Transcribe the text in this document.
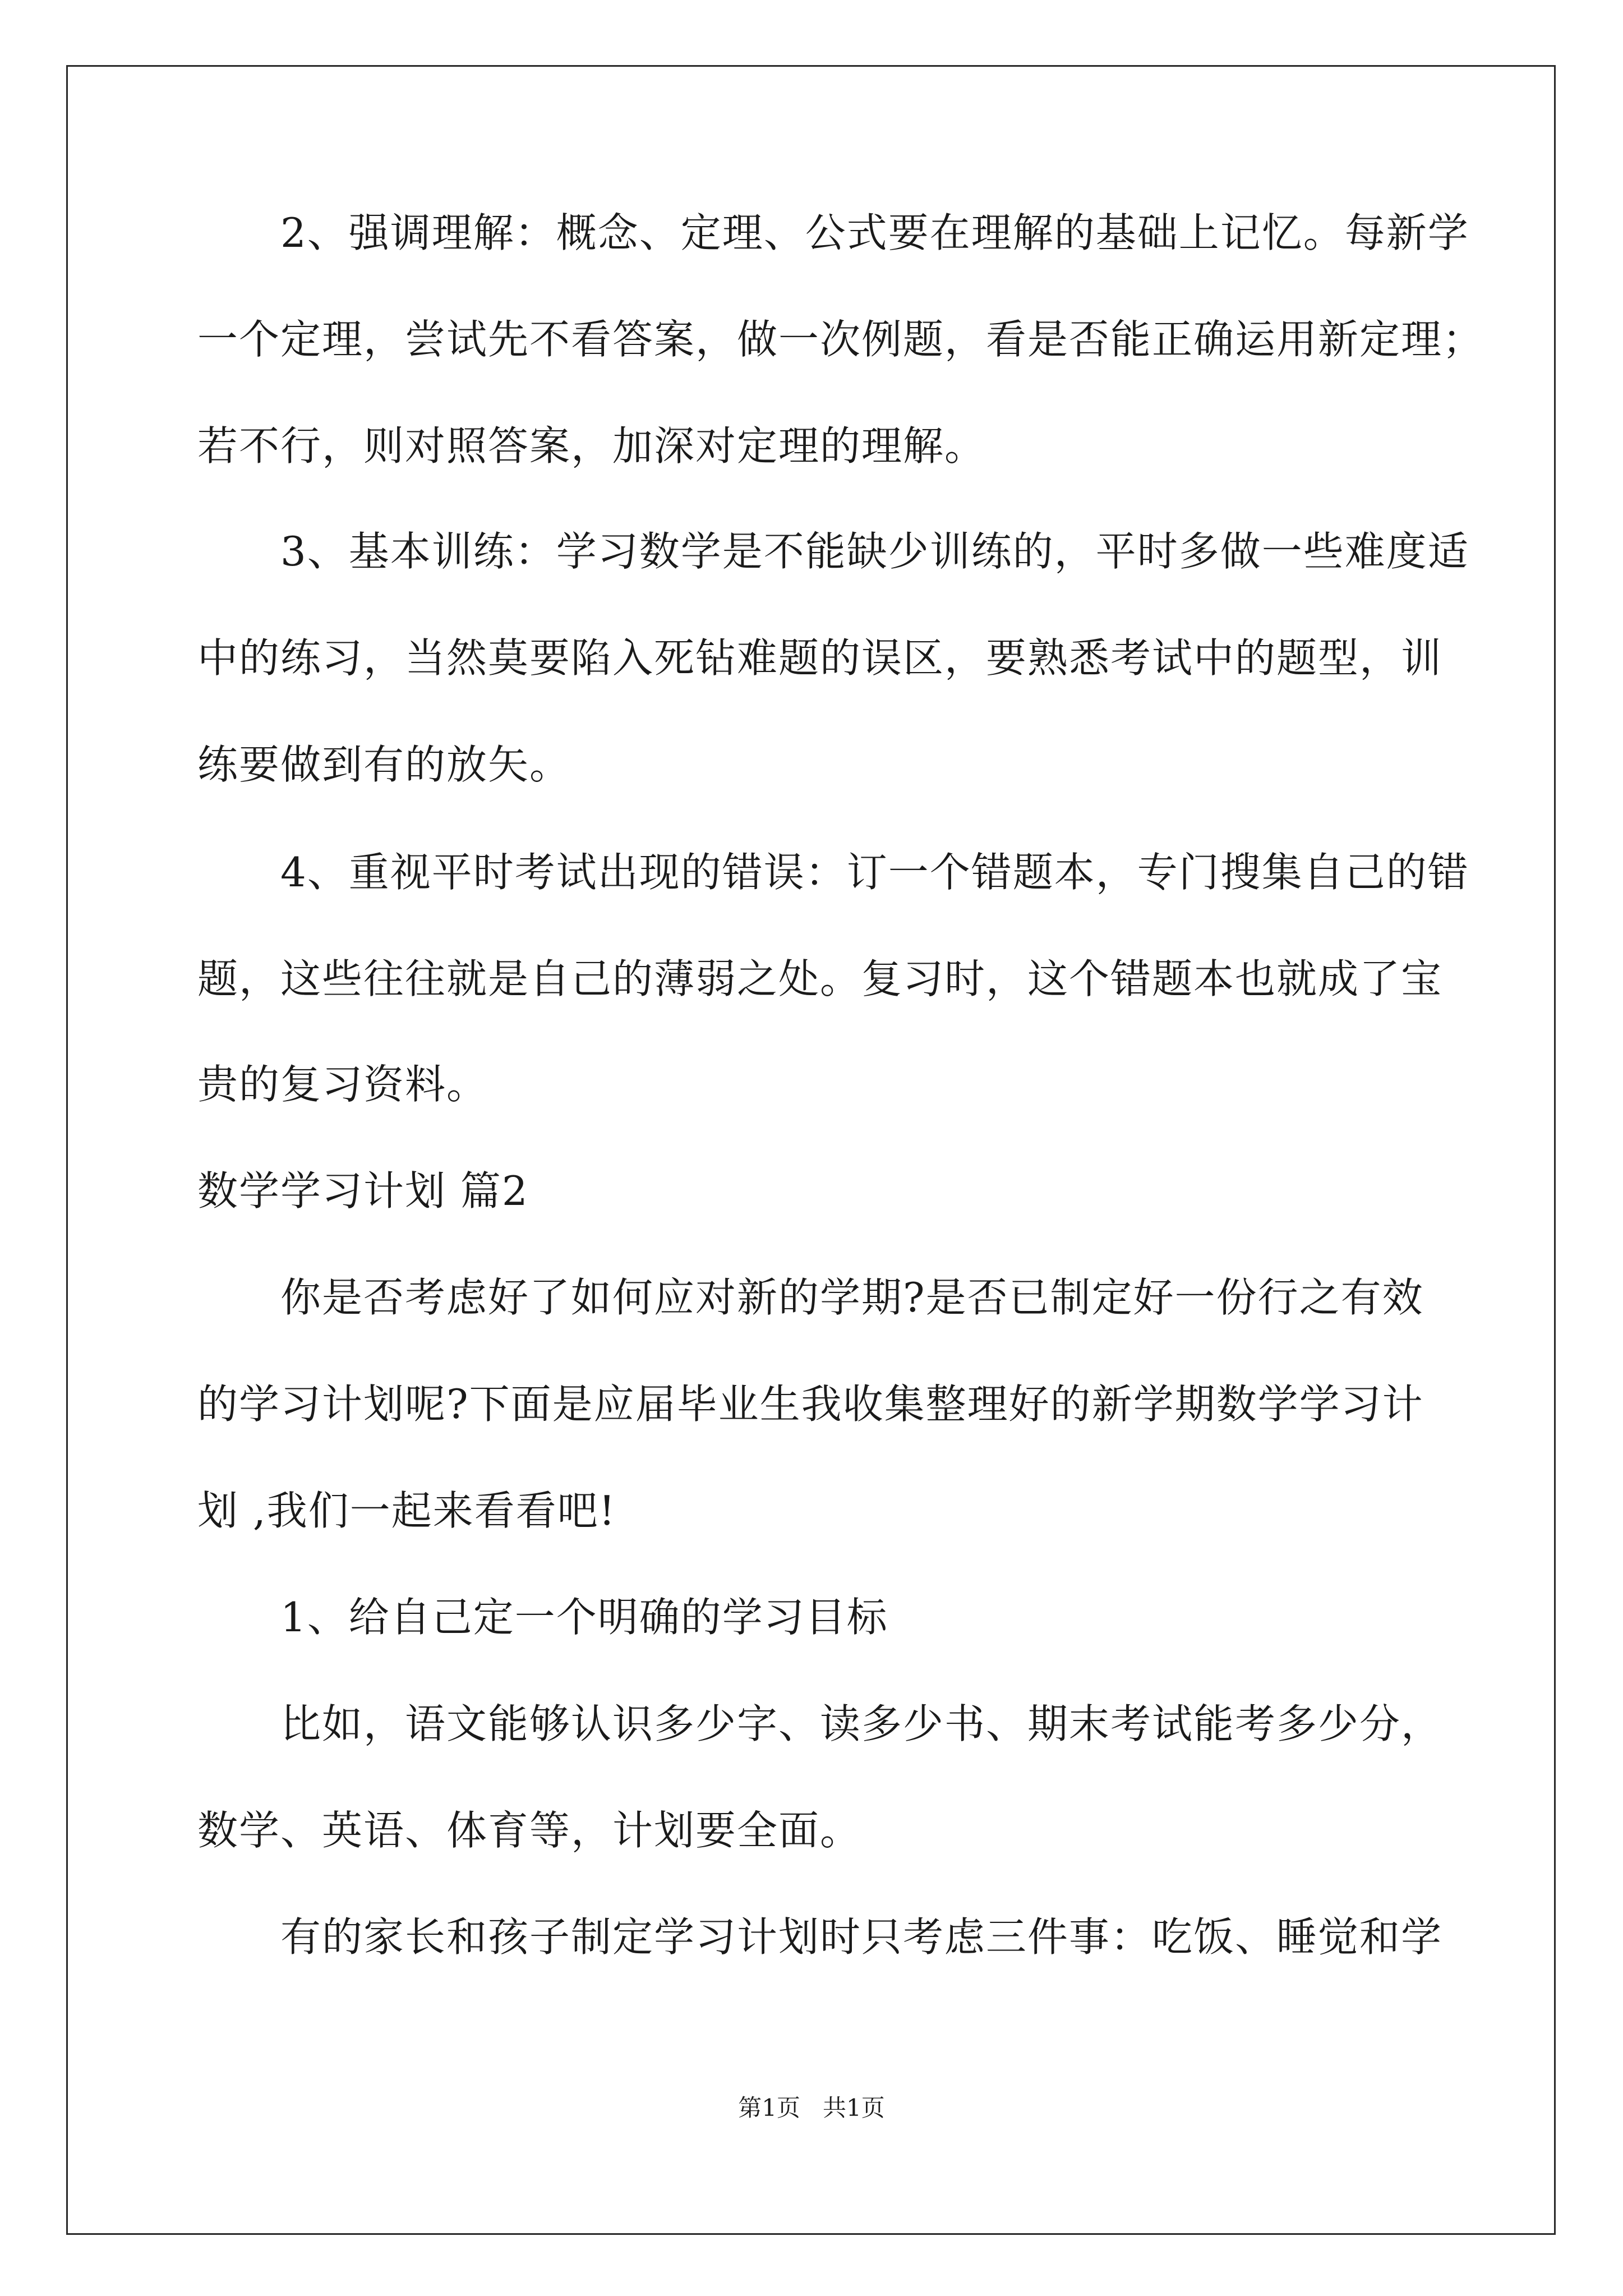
2、强调理解：概念、定理、公式要在理解的基础上记忆。每新学
一个定理，尝试先不看答案，做一次例题，看是否能正确运用新定理；
若不行，则对照答案，加深对定理的理解。
3、基本训练：学习数学是不能缺少训练的，平时多做一些难度适
中的练习，当然莫要陷入死钻难题的误区，要熟悉考试中的题型，训
练要做到有的放矢。
4、重视平时考试出现的错误：订一个错题本，专门搜集自己的错
题，这些往往就是自己的薄弱之处。复习时，这个错题本也就成了宝
贵的复习资料。
数学学习计划 篇2
你是否考虑好了如何应对新的学期?是否已制定好一份行之有效
的学习计划呢?下面是应届毕业生我收集整理好的新学期数学学习计
划 ,我们一起来看看吧!
1、给自己定一个明确的学习目标
比如，语文能够认识多少字、读多少书、期末考试能考多少分，
数学、英语、体育等，计划要全面。
有的家长和孩子制定学习计划时只考虑三件事：吃饭、睡觉和学
第1页   共1页
